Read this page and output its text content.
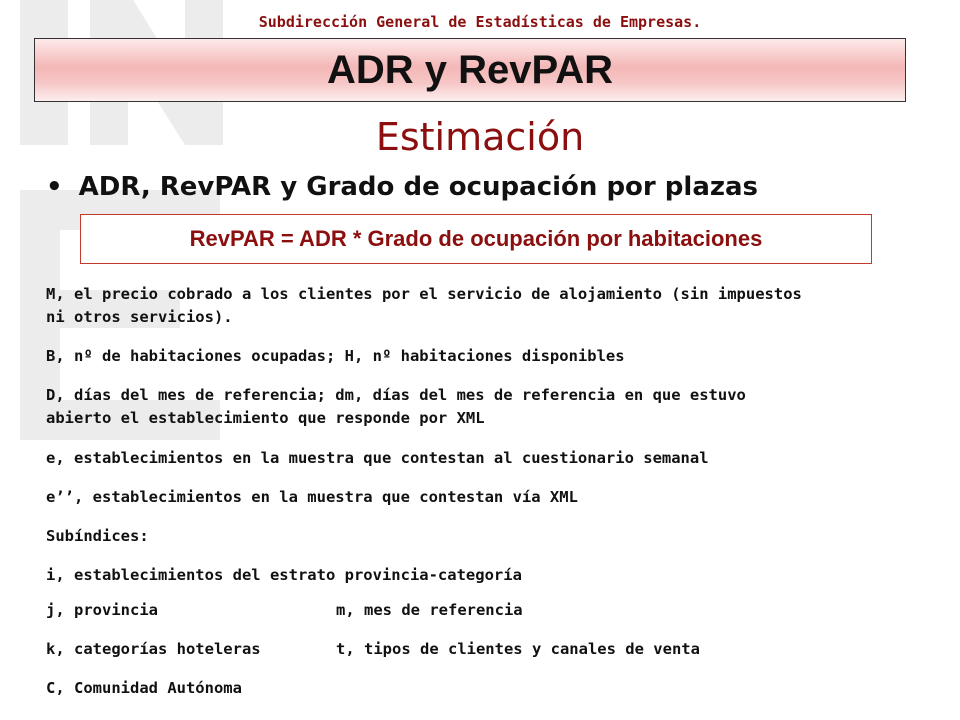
Subdirección General de Estadísticas de Empresas.
ADR y RevPAR
Estimación
• ADR, RevPAR y Grado de ocupación por plazas
RevPAR = ADR * Grado de ocupación por habitaciones
M, el precio cobrado a los clientes por el servicio de alojamiento (sin impuestos
ni otros servicios).
B, nº de habitaciones ocupadas; H, nº habitaciones disponibles
D, días del mes de referencia; dm, días del mes de referencia en que estuvo
abierto el establecimiento que responde por XML
e, establecimientos en la muestra que contestan al cuestionario semanal
e’’, establecimientos en la muestra que contestan vía XML
Subíndices:
i, establecimientos del estrato provincia-categoría
j, provincia	m, mes de referencia
k, categorías hoteleras	t, tipos de clientes y canales de venta
C, Comunidad Autónoma
